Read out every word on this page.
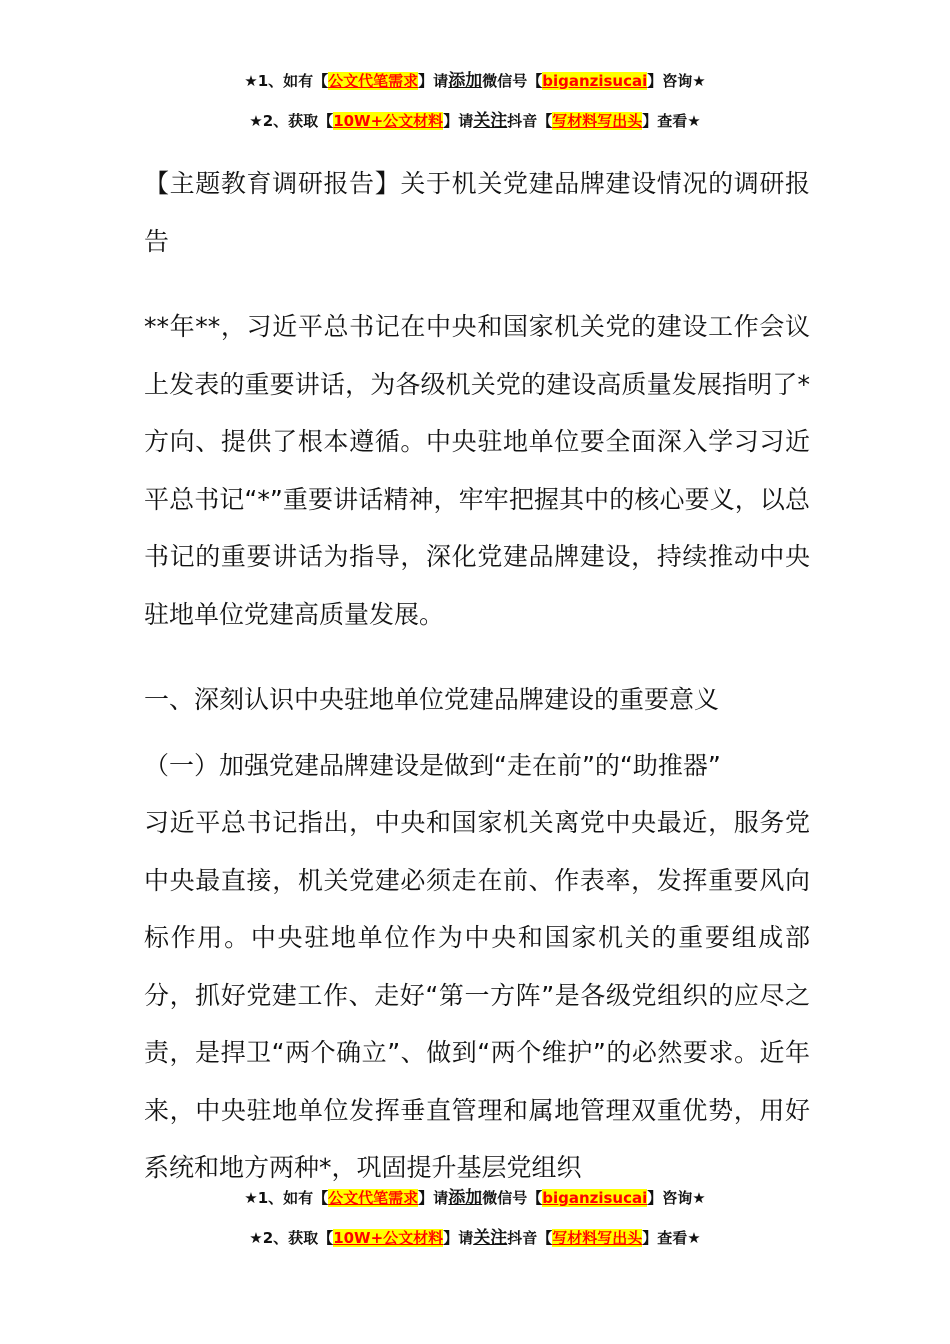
★1、如有【公文代笔需求】请添加微信号【biganzisucai】咨询★
★2、获取【10W+公文材料】请关注抖音【写材料写出头】查看★

【主题教育调研报告】关于机关党建品牌建设情况的调研报告

**年**，习近平总书记在中央和国家机关党的建设工作会议上发表的重要讲话，为各级机关党的建设高质量发展指明了*方向、提供了根本遵循。中央驻地单位要全面深入学习习近平总书记“*”重要讲话精神，牢牢把握其中的核心要义，以总书记的重要讲话为指导，深化党建品牌建设，持续推动中央驻地单位党建高质量发展。

一、深刻认识中央驻地单位党建品牌建设的重要意义

（一）加强党建品牌建设是做到“走在前”的“助推器”

习近平总书记指出，中央和国家机关离党中央最近，服务党中央最直接，机关党建必须走在前、作表率，发挥重要风向标作用。中央驻地单位作为中央和国家机关的重要组成部分，抓好党建工作、走好“第一方阵”是各级党组织的应尽之责，是捍卫“两个确立”、做到“两个维护”的必然要求。近年来，中央驻地单位发挥垂直管理和属地管理双重优势，用好系统和地方两种*，巩固提升基层党组织

★1、如有【公文代笔需求】请添加微信号【biganzisucai】咨询★
★2、获取【10W+公文材料】请关注抖音【写材料写出头】查看★
